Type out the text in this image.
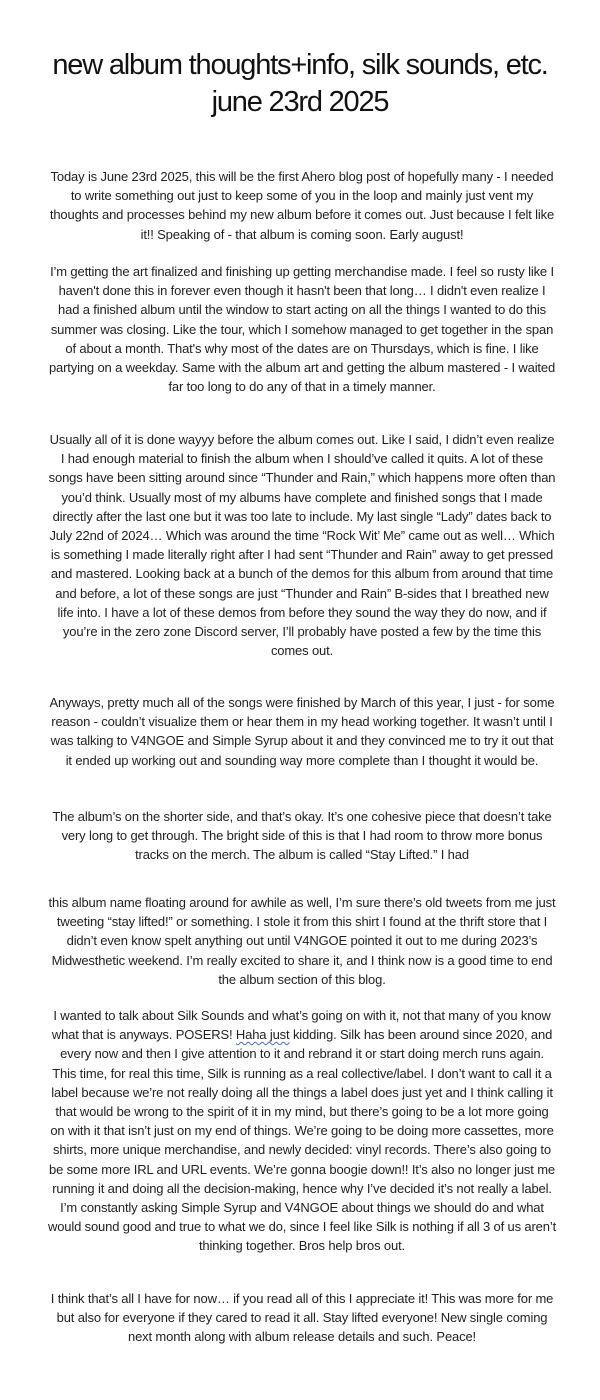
new album thoughts+info, silk sounds, etc.
june 23rd 2025

Today is June 23rd 2025, this will be the first Ahero blog post of hopefully many - I needed to write something out just to keep some of you in the loop and mainly just vent my thoughts and processes behind my new album before it comes out. Just because I felt like it!! Speaking of - that album is coming soon. Early august!

I’m getting the art finalized and finishing up getting merchandise made. I feel so rusty like I haven't done this in forever even though it hasn't been that long… I didn't even realize I had a finished album until the window to start acting on all the things I wanted to do this summer was closing. Like the tour, which I somehow managed to get together in the span of about a month. That's why most of the dates are on Thursdays, which is fine. I like partying on a weekday. Same with the album art and getting the album mastered - I waited far too long to do any of that in a timely manner.

Usually all of it is done wayyy before the album comes out. Like I said, I didn’t even realize I had enough material to finish the album when I should’ve called it quits. A lot of these songs have been sitting around since “Thunder and Rain,” which happens more often than you’d think. Usually most of my albums have complete and finished songs that I made directly after the last one but it was too late to include. My last single “Lady” dates back to July 22nd of 2024… Which was around the time “Rock Wit’ Me” came out as well… Which is something I made literally right after I had sent “Thunder and Rain” away to get pressed and mastered. Looking back at a bunch of the demos for this album from around that time and before, a lot of these songs are just “Thunder and Rain” B-sides that I breathed new life into. I have a lot of these demos from before they sound the way they do now, and if you’re in the zero zone Discord server, I’ll probably have posted a few by the time this comes out.

Anyways, pretty much all of the songs were finished by March of this year, I just - for some reason - couldn’t visualize them or hear them in my head working together. It wasn’t until I was talking to V4NGOE and Simple Syrup about it and they convinced me to try it out that it ended up working out and sounding way more complete than I thought it would be.

The album’s on the shorter side, and that’s okay. It’s one cohesive piece that doesn’t take very long to get through. The bright side of this is that I had room to throw more bonus tracks on the merch. The album is called “Stay Lifted.” I had

this album name floating around for awhile as well, I’m sure there’s old tweets from me just tweeting “stay lifted!” or something. I stole it from this shirt I found at the thrift store that I didn’t even know spelt anything out until V4NGOE pointed it out to me during 2023’s Midwesthetic weekend. I’m really excited to share it, and I think now is a good time to end the album section of this blog.

I wanted to talk about Silk Sounds and what’s going on with it, not that many of you know what that is anyways. POSERS! Haha just kidding. Silk has been around since 2020, and every now and then I give attention to it and rebrand it or start doing merch runs again. This time, for real this time, Silk is running as a real collective/label. I don’t want to call it a label because we’re not really doing all the things a label does just yet and I think calling it that would be wrong to the spirit of it in my mind, but there’s going to be a lot more going on with it that isn’t just on my end of things. We’re going to be doing more cassettes, more shirts, more unique merchandise, and newly decided: vinyl records. There’s also going to be some more IRL and URL events. We’re gonna boogie down!! It’s also no longer just me running it and doing all the decision-making, hence why I’ve decided it’s not really a label. I’m constantly asking Simple Syrup and V4NGOE about things we should do and what would sound good and true to what we do, since I feel like Silk is nothing if all 3 of us aren’t thinking together. Bros help bros out.

I think that’s all I have for now… if you read all of this I appreciate it! This was more for me but also for everyone if they cared to read it all. Stay lifted everyone! New single coming next month along with album release details and such. Peace!
